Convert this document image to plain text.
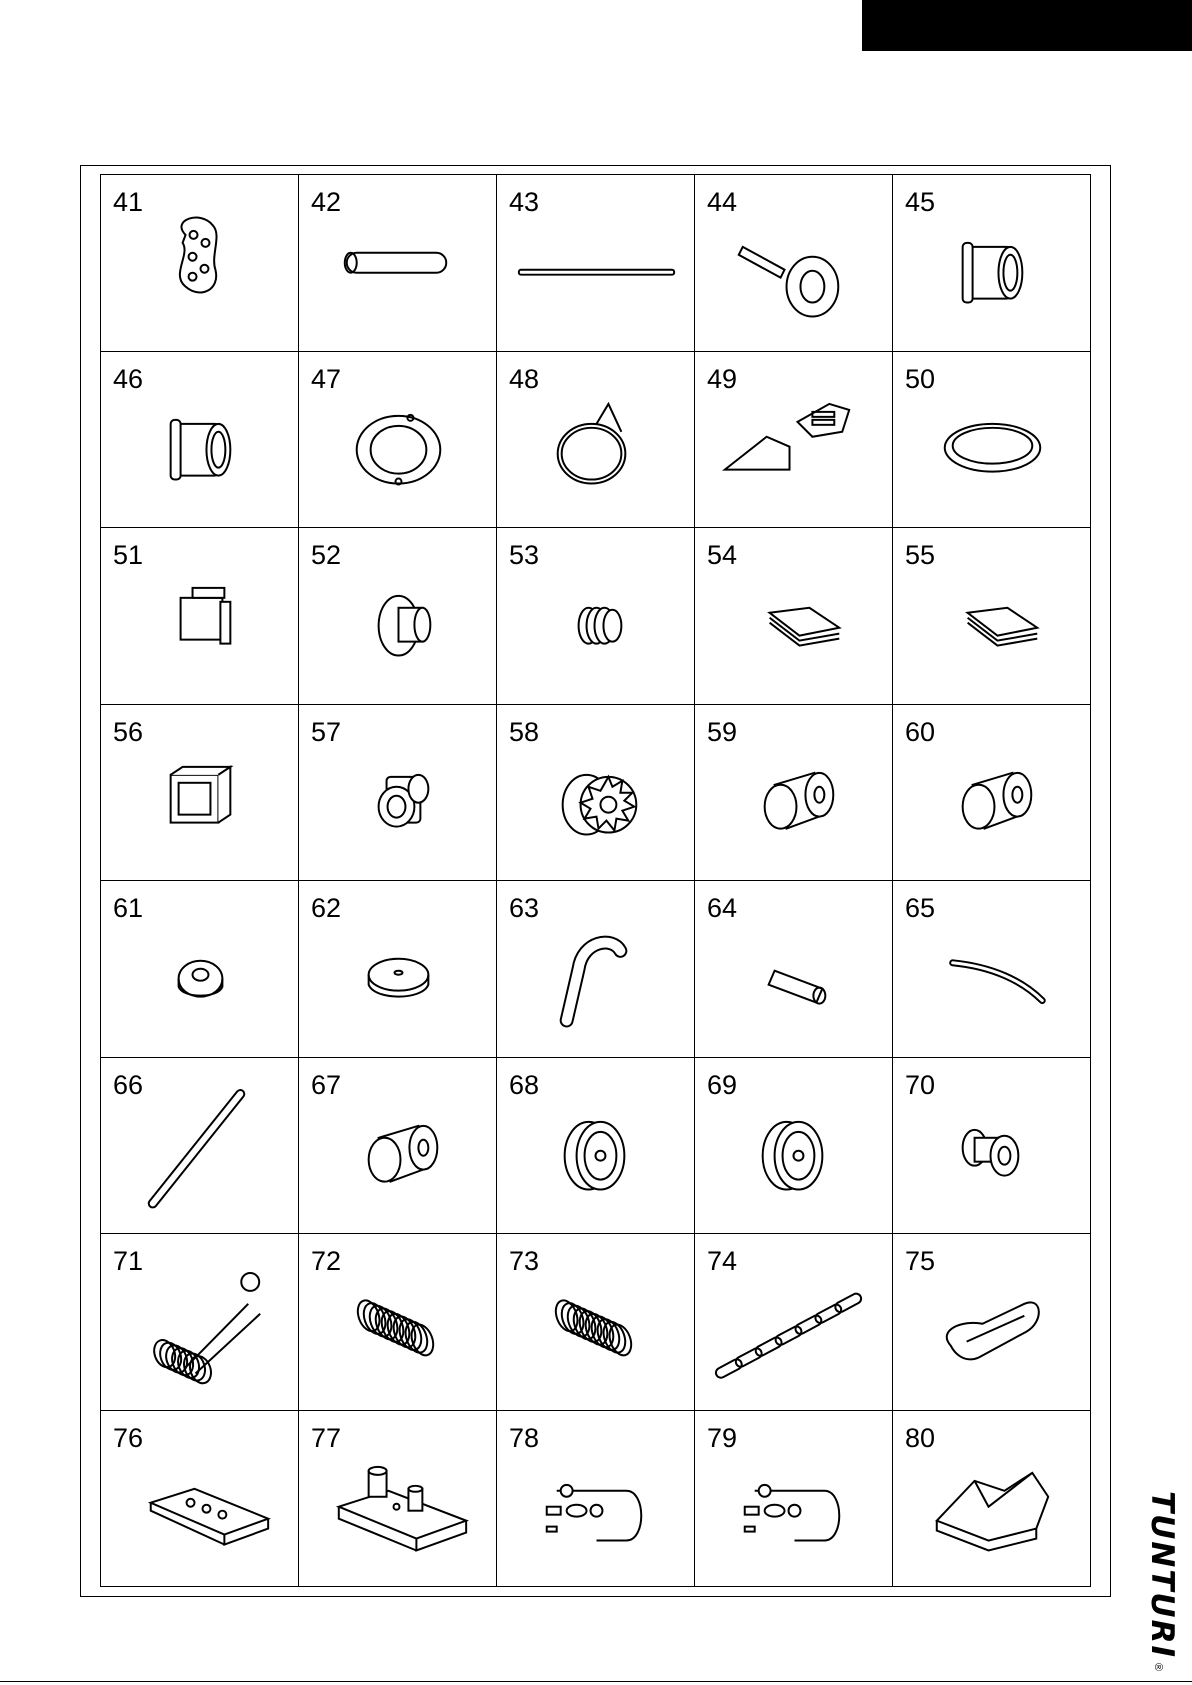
41	42	43	44	45
46	47	48	49	50
51	52	53	54	55
56	57	58	59	60
61	62	63	64	65
66	67	68	69	70
71	72	73	74	75
76	77	78	79	80
TUNTURI
®
